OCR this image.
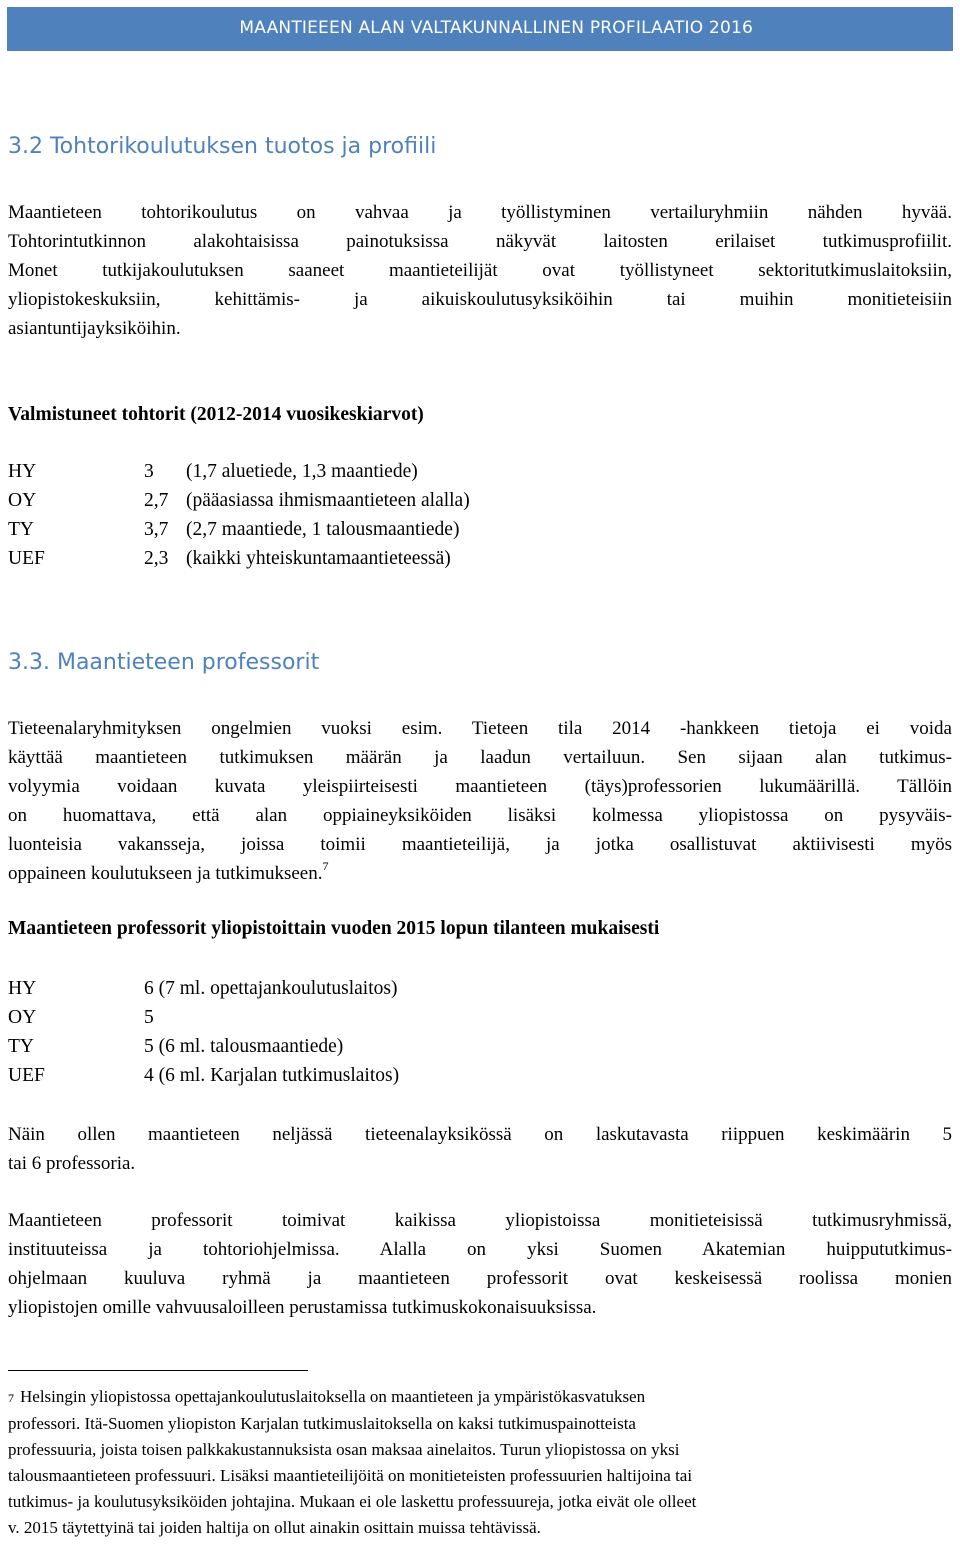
MAANTIEEEN ALAN VALTAKUNNALLINEN PROFILAATIO 2016
3.2 Tohtorikoulutuksen tuotos ja profiili
Maantieteen tohtorikoulutus on vahvaa ja työllistyminen vertailuryhmiin nähden hyvää.
Tohtorintutkinnon alakohtaisissa painotuksissa näkyvät laitosten erilaiset tutkimusprofiilit.
Monet tutkijakoulutuksen saaneet maantieteilijät ovat työllistyneet sektoritutkimuslaitoksiin,
yliopistokeskuksiin, kehittämis- ja aikuiskoulutusyksiköihin tai muihin monitieteisiin
asiantuntijayksiköihin.
Valmistuneet tohtorit (2012-2014 vuosikeskiarvot)
HY	3 (1,7 aluetiede, 1,3 maantiede)
OY	2,7 (pääasiassa ihmismaantieteen alalla)
TY	3,7 (2,7 maantiede, 1 talousmaantiede)
UEF	2,3 (kaikki yhteiskuntamaantieteessä)
3.3. Maantieteen professorit
Tieteenalaryhmityksen ongelmien vuoksi esim. Tieteen tila 2014 -hankkeen tietoja ei voida
käyttää maantieteen tutkimuksen määrän ja laadun vertailuun. Sen sijaan alan tutkimus-
volyymia voidaan kuvata yleispiirteisesti maantieteen (täys)professorien lukumäärillä. Tällöin
on huomattava, että alan oppiaineyksiköiden lisäksi kolmessa yliopistossa on pysyväis-
luonteisia vakansseja, joissa toimii maantieteilijä, ja jotka osallistuvat aktiivisesti myös
oppaineen koulutukseen ja tutkimukseen.$^7$
Maantieteen professorit yliopistoittain vuoden 2015 lopun tilanteen mukaisesti
HY	6 (7 ml. opettajankoulutuslaitos)
OY	5
TY	5 (6 ml. talousmaantiede)
UEF	4 (6 ml. Karjalan tutkimuslaitos)
Näin ollen maantieteen neljässä tieteenalayksikössä on laskutavasta riippuen keskimäärin 5
tai 6 professoria.
Maantieteen professorit toimivat kaikissa yliopistoissa monitieteisissä tutkimusryhmissä,
instituuteissa ja tohtoriohjelmissa. Alalla on yksi Suomen Akatemian huippututkimus-
ohjelmaan kuuluva ryhmä ja maantieteen professorit ovat keskeisessä roolissa monien
yliopistojen omille vahvuusaloilleen perustamissa tutkimuskokonaisuuksissa.
7 Helsingin yliopistossa opettajankoulutuslaitoksella on maantieteen ja ympäristökasvatuksen
professori. Itä-Suomen yliopiston Karjalan tutkimuslaitoksella on kaksi tutkimuspainotteista
professuuria, joista toisen palkkakustannuksista osan maksaa ainelaitos. Turun yliopistossa on yksi
talousmaantieteen professuuri. Lisäksi maantieteilijöitä on monitieteisten professuurien haltijoina tai
tutkimus- ja koulutusyksiköiden johtajina. Mukaan ei ole laskettu professuureja, jotka eivät ole olleet
v. 2015 täytettyinä tai joiden haltija on ollut ainakin osittain muissa tehtävissä.
